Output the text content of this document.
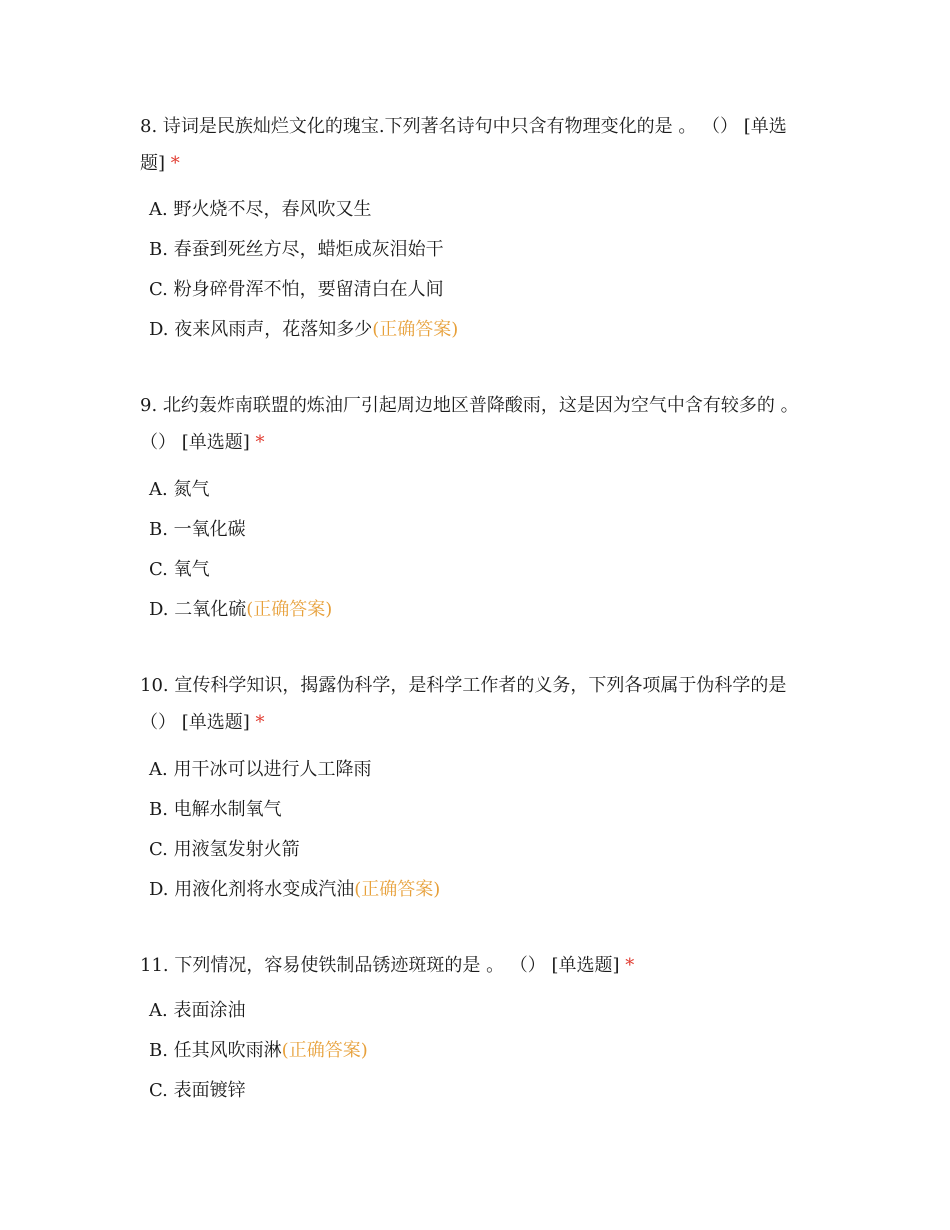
8. 诗词是民族灿烂文化的瑰宝.下列著名诗句中只含有物理变化的是 。 （） [单选题] *
A. 野火烧不尽，春风吹又生
B. 春蚕到死丝方尽，蜡炬成灰泪始干
C. 粉身碎骨浑不怕，要留清白在人间
D. 夜来风雨声，花落知多少(正确答案)
9. 北约轰炸南联盟的炼油厂引起周边地区普降酸雨，这是因为空气中含有较多的 。 （） [单选题] *
A. 氮气
B. 一氧化碳
C. 氧气
D. 二氧化硫(正确答案)
10. 宣传科学知识，揭露伪科学，是科学工作者的义务，下列各项属于伪科学的是 （） [单选题] *
A. 用干冰可以进行人工降雨
B. 电解水制氧气
C. 用液氢发射火箭
D. 用液化剂将水变成汽油(正确答案)
11. 下列情况，容易使铁制品锈迹斑斑的是 。 （） [单选题] *
A. 表面涂油
B. 任其风吹雨淋(正确答案)
C. 表面镀锌
